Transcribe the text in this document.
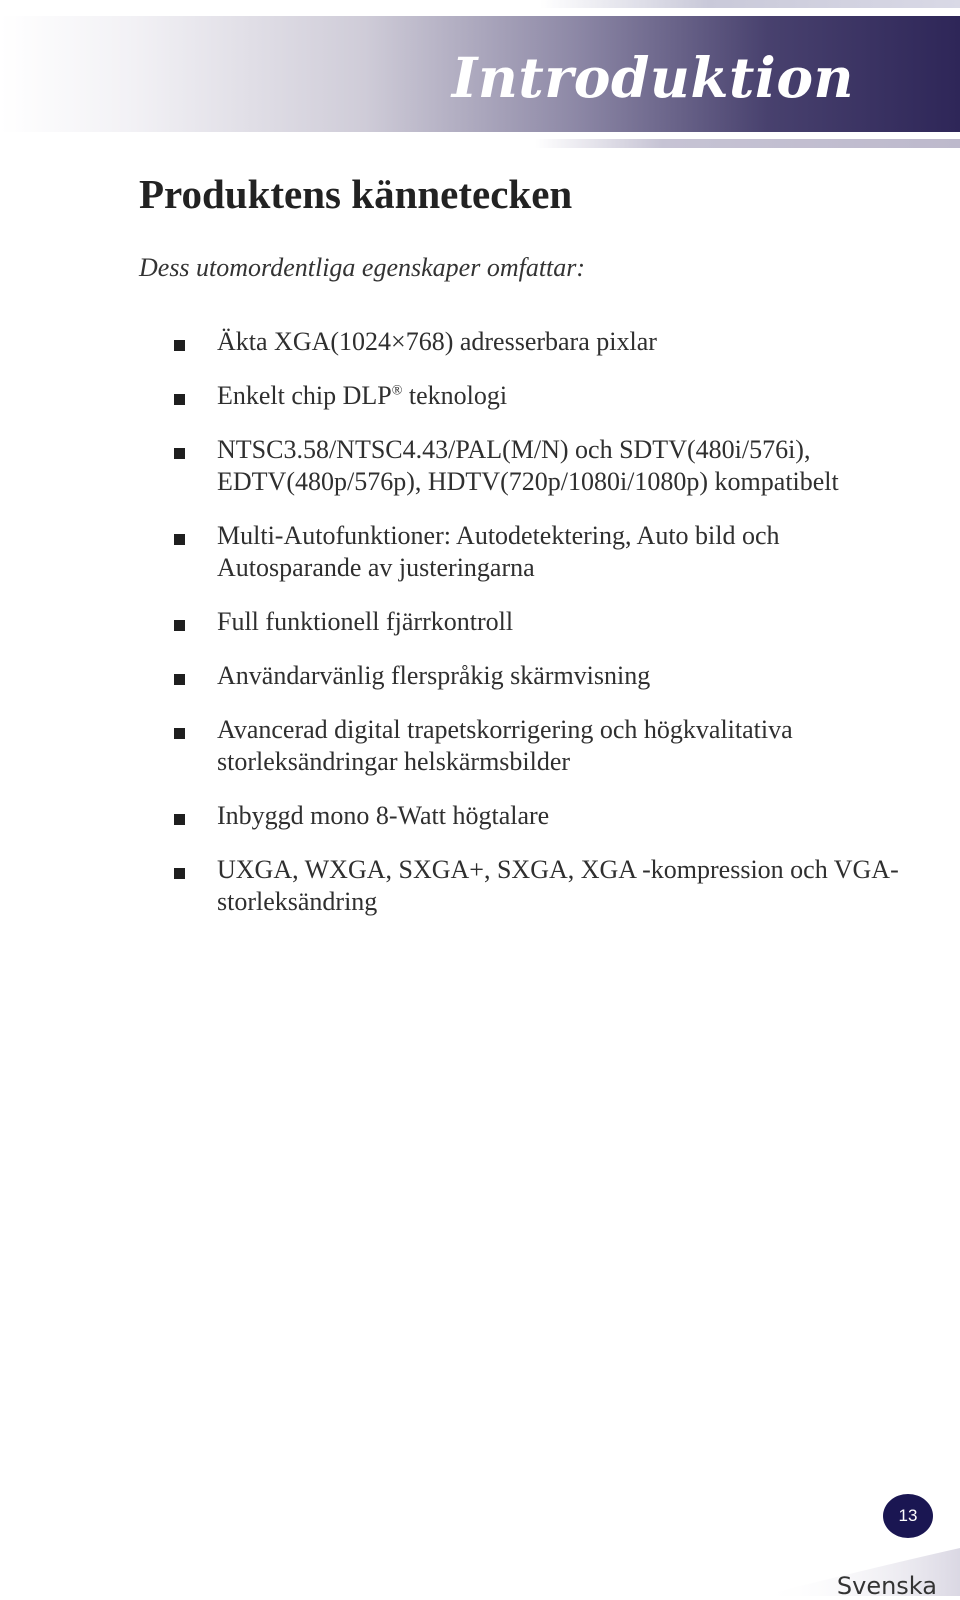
Introduktion
Produktens kännetecken

Dess utomordentliga egenskaper omfattar:

Äkta XGA(1024×768) adresserbara pixlar
Enkelt chip DLP® teknologi
NTSC3.58/NTSC4.43/PAL(M/N) och SDTV(480i/576i), EDTV(480p/576p), HDTV(720p/1080i/1080p) kompatibelt
Multi-Autofunktioner: Autodetektering, Auto bild och Autosparande av justeringarna
Full funktionell fjärrkontroll
Användarvänlig flerspråkig skärmvisning
Avancerad digital trapetskorrigering och högkvalitativa storleksändringar helskärmsbilder
Inbyggd mono 8-Watt högtalare
UXGA, WXGA, SXGA+, SXGA, XGA -kompression och VGA-storleksändring
13

Svenska
